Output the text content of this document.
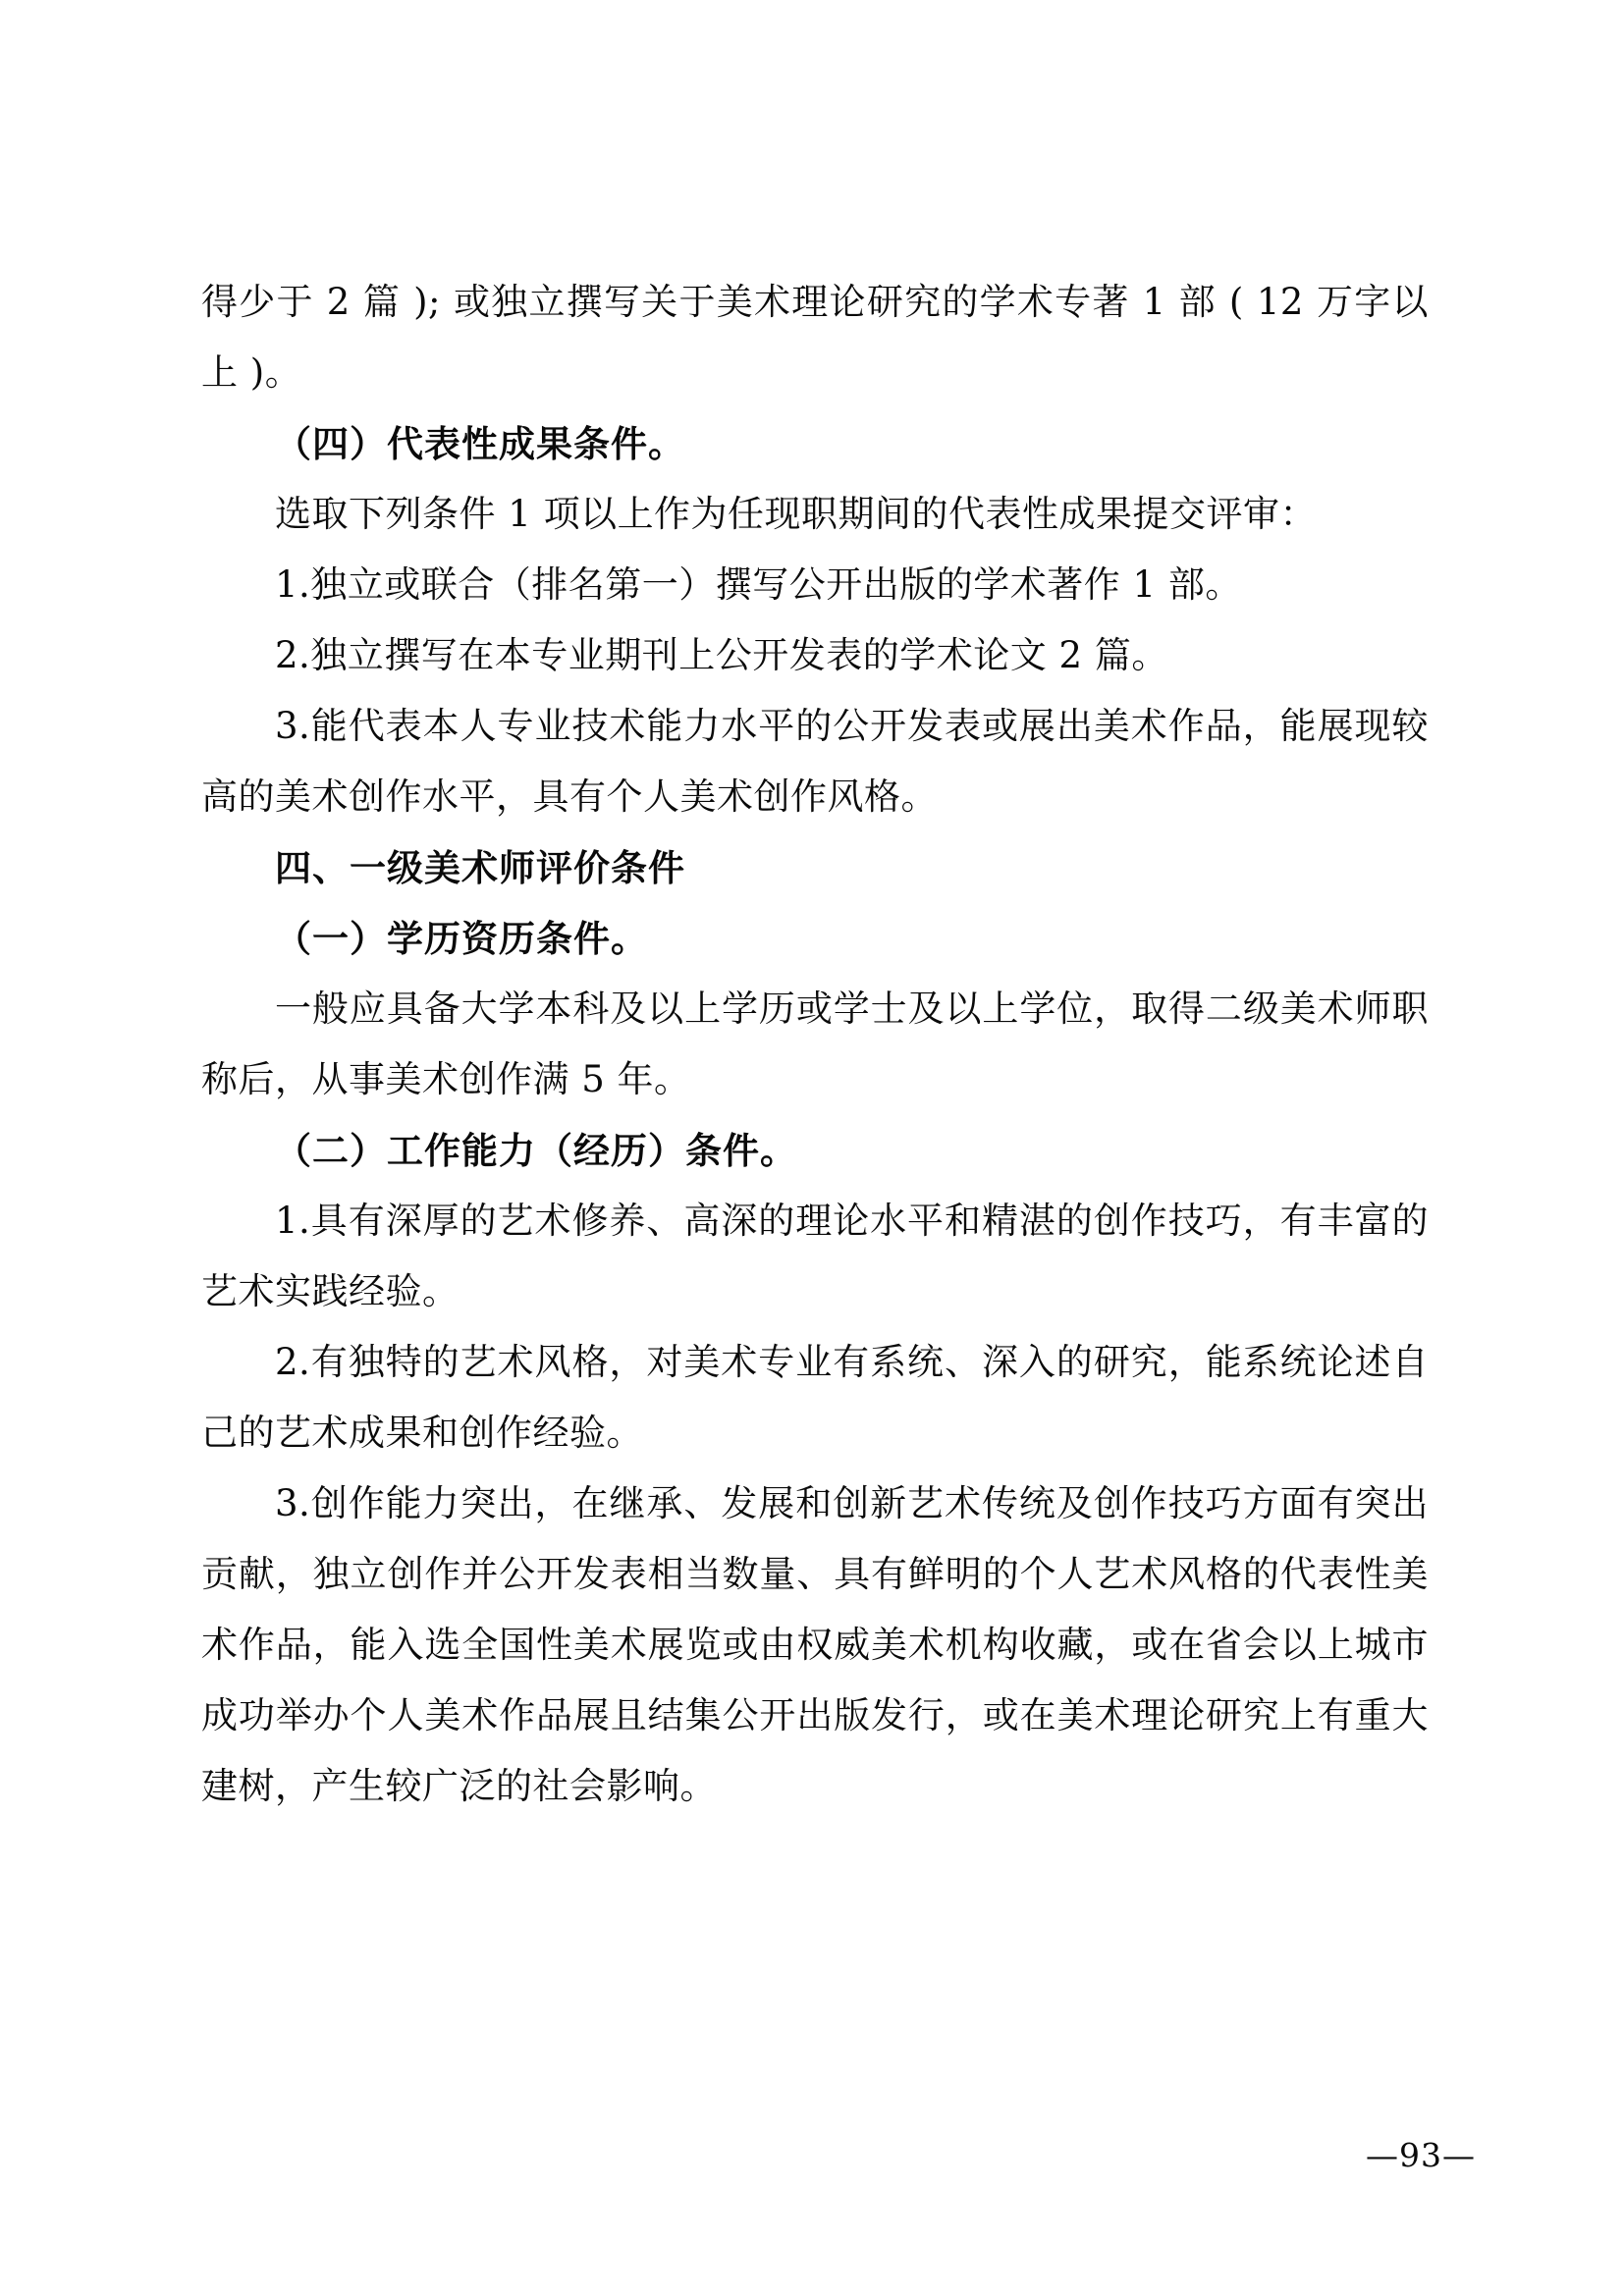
得少于 2 篇 ); 或独立撰写关于美术理论研究的学术专著 1 部 ( 12 万字以上 )。

（四）代表性成果条件。

选取下列条件 1 项以上作为任现职期间的代表性成果提交评审：

1.独立或联合（排名第一）撰写公开出版的学术著作 1 部。

2.独立撰写在本专业期刊上公开发表的学术论文 2 篇。

3.能代表本人专业技术能力水平的公开发表或展出美术作品，能展现较高的美术创作水平，具有个人美术创作风格。

四、一级美术师评价条件

（一）学历资历条件。

一般应具备大学本科及以上学历或学士及以上学位，取得二级美术师职称后，从事美术创作满 5 年。

（二）工作能力（经历）条件。

1.具有深厚的艺术修养、高深的理论水平和精湛的创作技巧，有丰富的艺术实践经验。

2.有独特的艺术风格，对美术专业有系统、深入的研究，能系统论述自己的艺术成果和创作经验。

3.创作能力突出，在继承、发展和创新艺术传统及创作技巧方面有突出贡献，独立创作并公开发表相当数量、具有鲜明的个人艺术风格的代表性美术作品，能入选全国性美术展览或由权威美术机构收藏，或在省会以上城市成功举办个人美术作品展且结集公开出版发行，或在美术理论研究上有重大建树，产生较广泛的社会影响。

—93—
